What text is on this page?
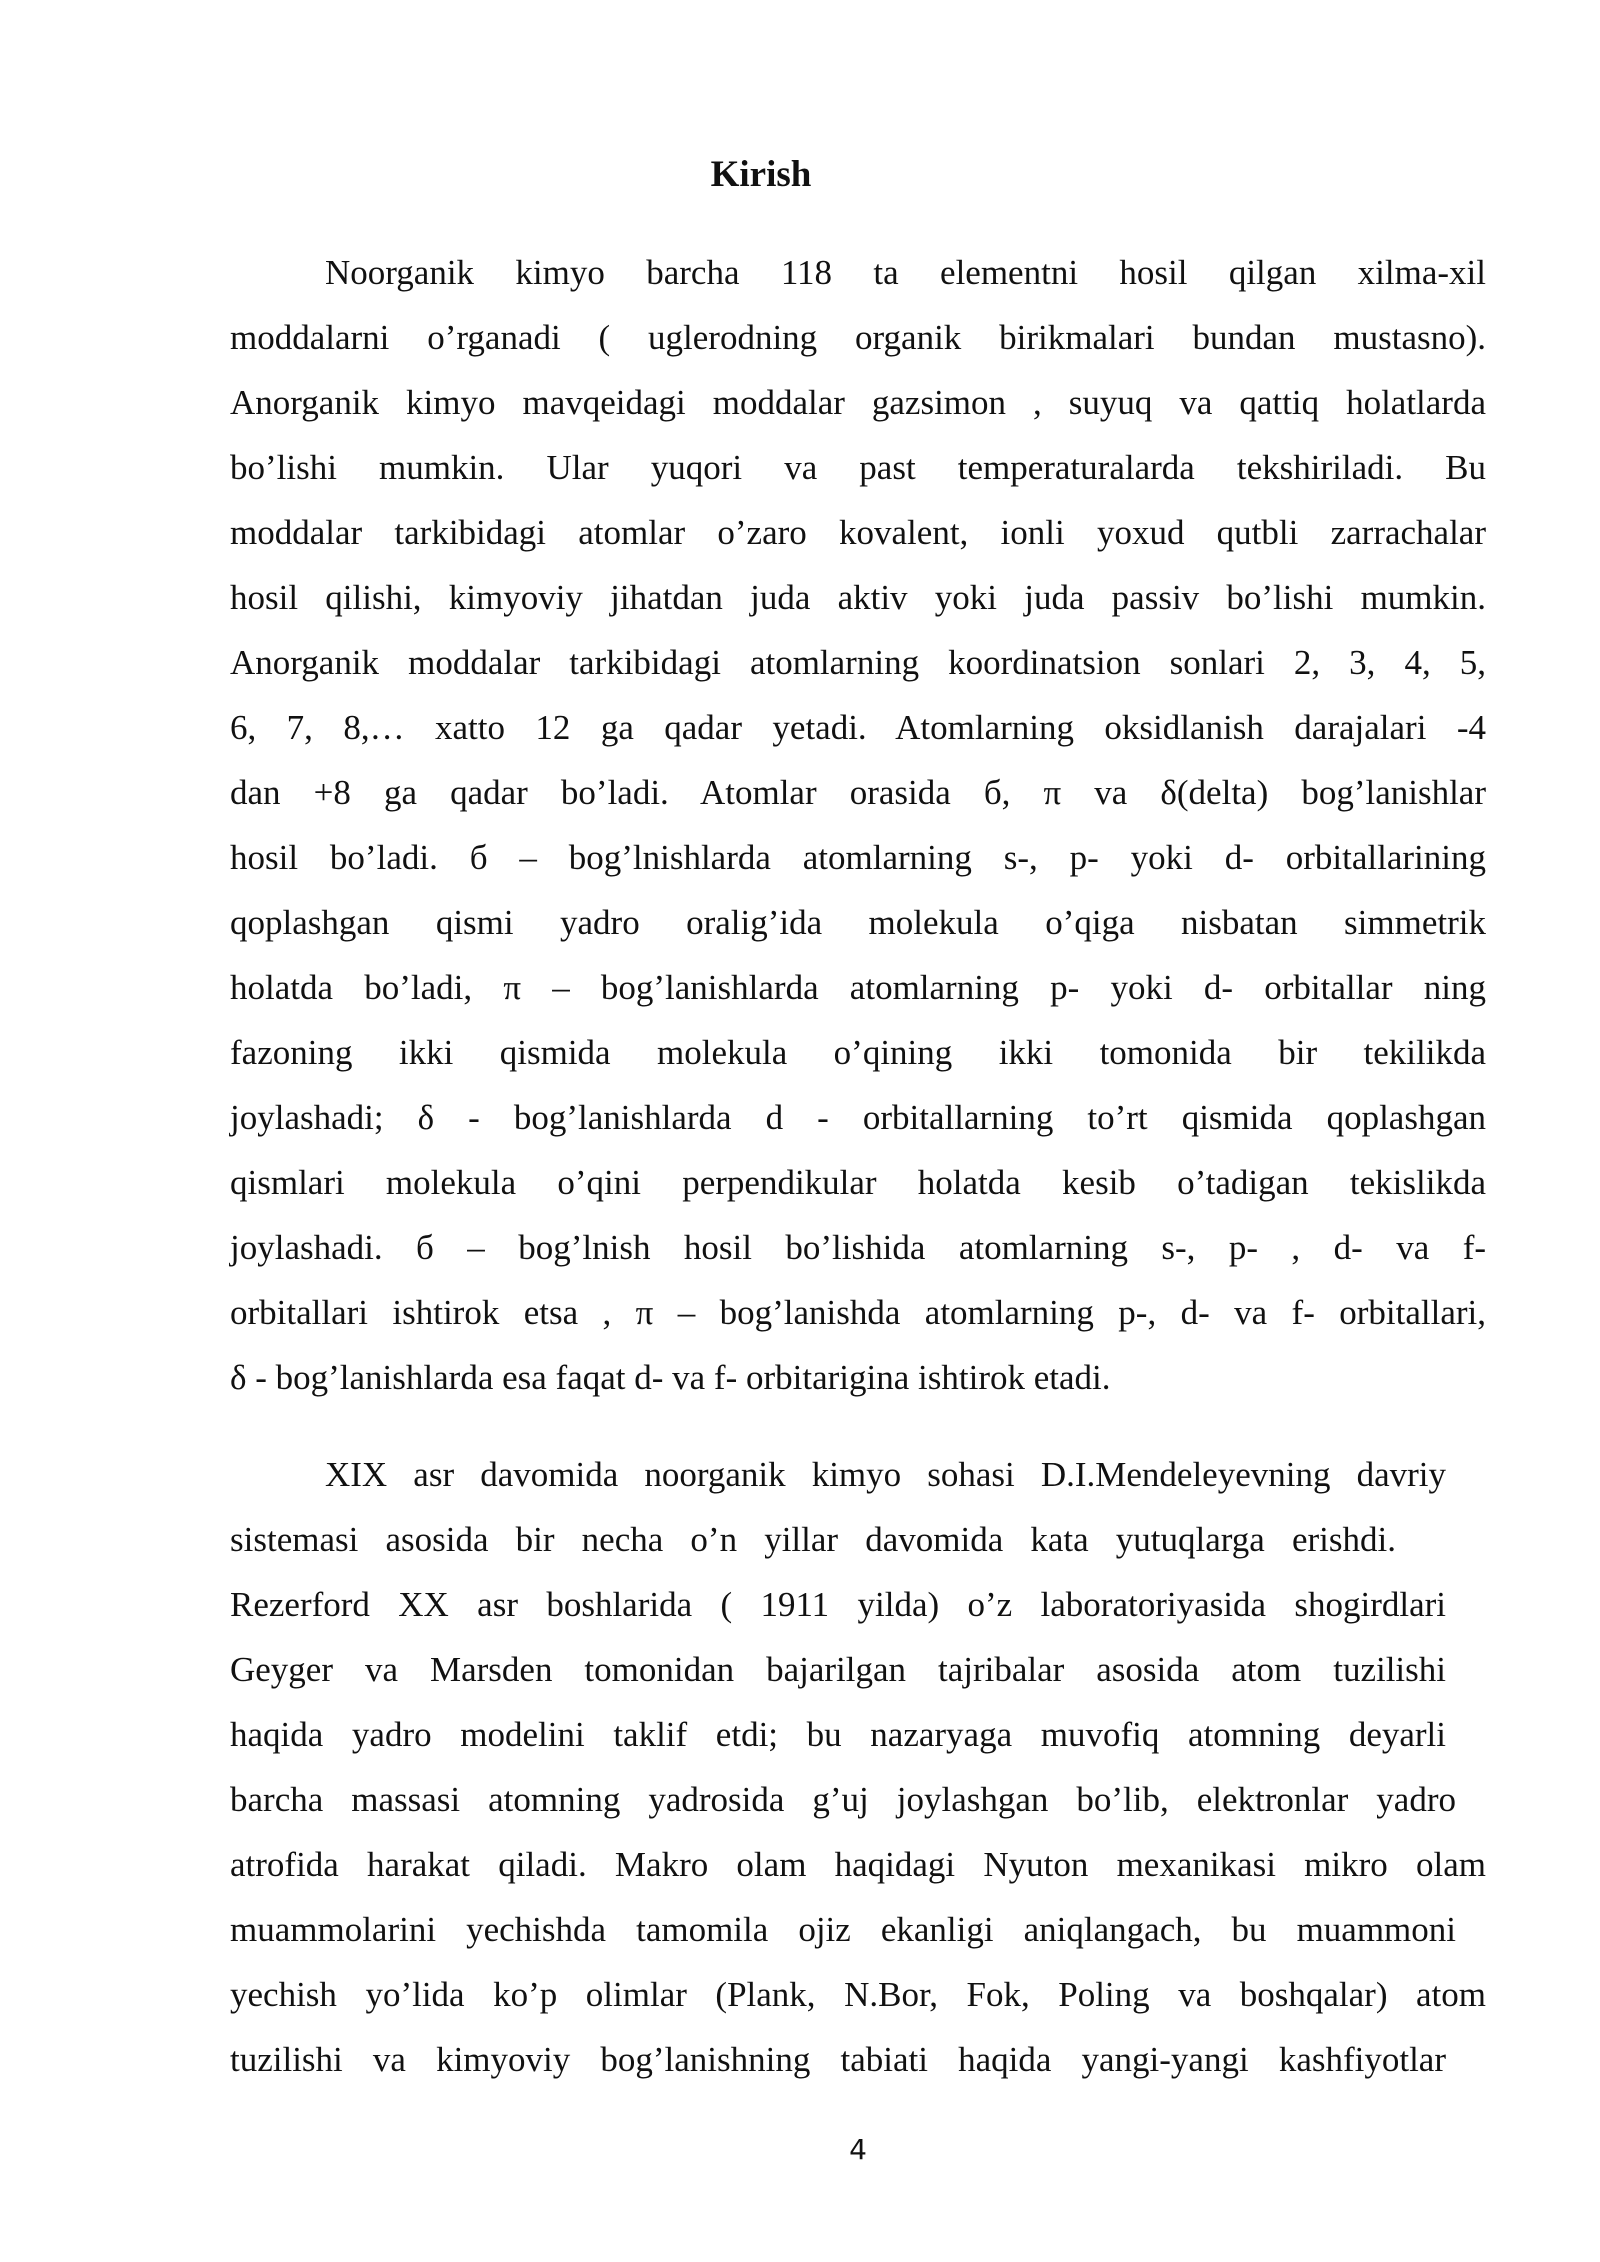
Kirish
Noorganik kimyo barcha 118 ta elementni hosil qilgan xilma-xil
moddalarni o’rganadi ( uglerodning organik birikmalari bundan mustasno).
Anorganik kimyo mavqeidagi moddalar gazsimon , suyuq va qattiq holatlarda
bo’lishi mumkin. Ular yuqori va past temperaturalarda tekshiriladi. Bu
moddalar tarkibidagi atomlar o’zaro kovalent, ionli yoxud qutbli zarrachalar
hosil qilishi, kimyoviy jihatdan juda aktiv yoki juda passiv bo’lishi mumkin.
Anorganik moddalar tarkibidagi atomlarning koordinatsion sonlari 2, 3, 4, 5,
6, 7, 8,… xatto 12 ga qadar yetadi. Atomlarning oksidlanish darajalari -4
dan +8 ga qadar bo’ladi. Atomlar orasida б, π va δ(delta) bog’lanishlar
hosil bo’ladi. б – bog’lnishlarda atomlarning s-, p- yoki d- orbitallarining
qoplashgan qismi yadro oralig’ida molekula o’qiga nisbatan simmetrik
holatda bo’ladi, π – bog’lanishlarda atomlarning p- yoki d- orbitallar ning
fazoning ikki qismida molekula o’qining ikki tomonida bir tekilikda
joylashadi; δ - bog’lanishlarda d - orbitallarning to’rt qismida qoplashgan
qismlari molekula o’qini perpendikular holatda kesib o’tadigan tekislikda
joylashadi. б – bog’lnish hosil bo’lishida atomlarning s-, p- , d- va f-
orbitallari ishtirok etsa , π – bog’lanishda atomlarning p-, d- va f- orbitallari,
δ - bog’lanishlarda esa faqat d- va f- orbitarigina ishtirok etadi.
XIX asr davomida noorganik kimyo sohasi D.I.Mendeleyevning davriy
sistemasi asosida bir necha o’n yillar davomida kata yutuqlarga erishdi.
Rezerford XX asr boshlarida ( 1911 yilda) o’z laboratoriyasida shogirdlari
Geyger va Marsden tomonidan bajarilgan tajribalar asosida atom tuzilishi
haqida yadro modelini taklif etdi; bu nazaryaga muvofiq atomning deyarli
barcha massasi atomning yadrosida g’uj joylashgan bo’lib, elektronlar yadro
atrofida harakat qiladi. Makro olam haqidagi Nyuton mexanikasi mikro olam
muammolarini yechishda tamomila ojiz ekanligi aniqlangach, bu muammoni
yechish yo’lida ko’p olimlar (Plank, N.Bor, Fok, Poling va boshqalar) atom
tuzilishi va kimyoviy bog’lanishning tabiati haqida yangi-yangi kashfiyotlar
4
